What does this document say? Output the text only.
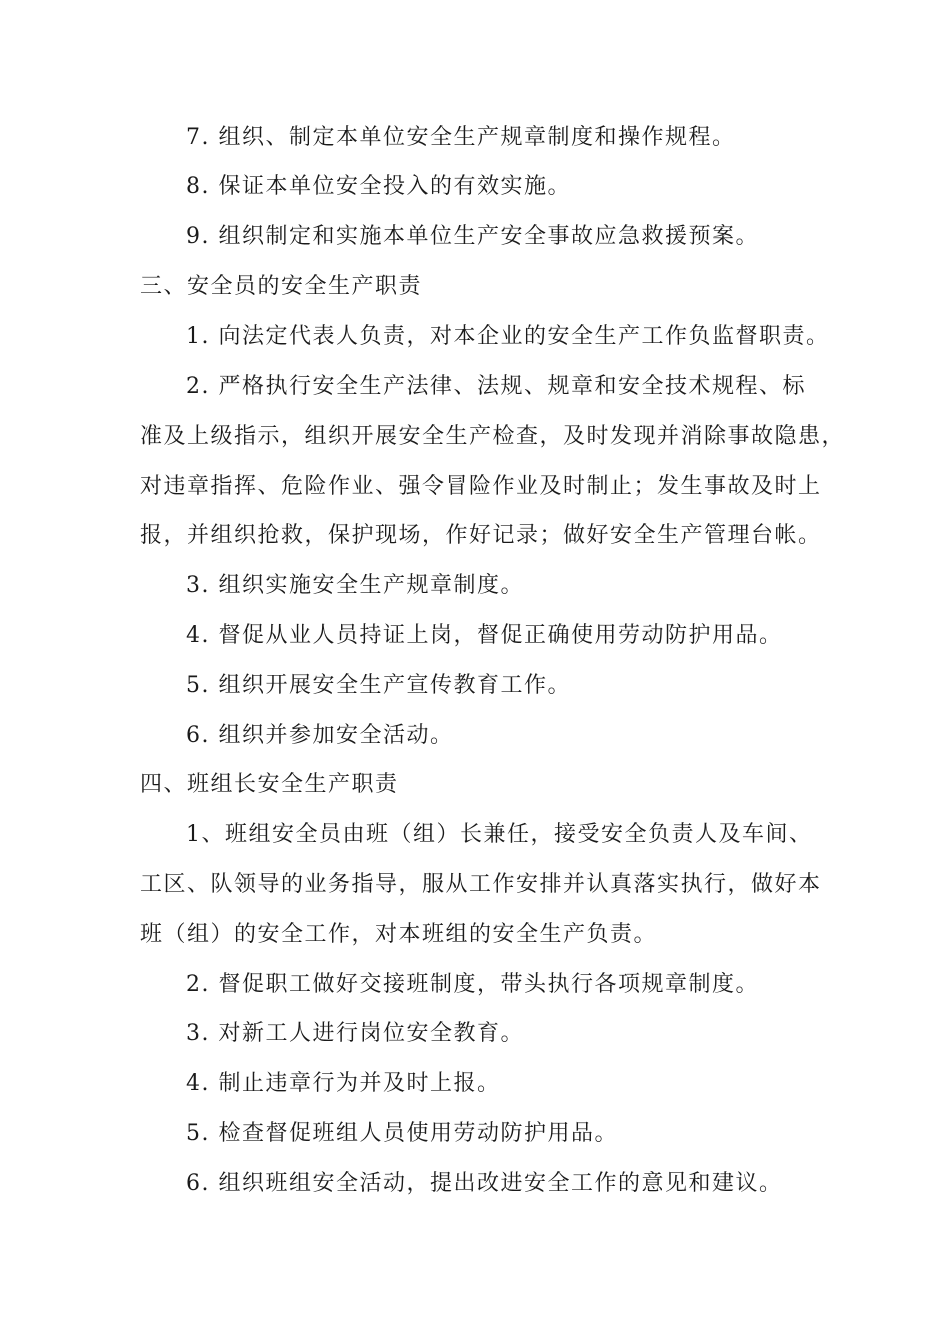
7. 组织、制定本单位安全生产规章制度和操作规程。
8. 保证本单位安全投入的有效实施。
9. 组织制定和实施本单位生产安全事故应急救援预案。
三、安全员的安全生产职责
1. 向法定代表人负责，对本企业的安全生产工作负监督职责。
2. 严格执行安全生产法律、法规、规章和安全技术规程、标
准及上级指示，组织开展安全生产检查，及时发现并消除事故隐患，
对违章指挥、危险作业、强令冒险作业及时制止；发生事故及时上
报，并组织抢救，保护现场，作好记录；做好安全生产管理台帐。
3. 组织实施安全生产规章制度。
4. 督促从业人员持证上岗，督促正确使用劳动防护用品。
5. 组织开展安全生产宣传教育工作。
6. 组织并参加安全活动。
四、班组长安全生产职责
1、班组安全员由班（组）长兼任，接受安全负责人及车间、
工区、队领导的业务指导，服从工作安排并认真落实执行，做好本
班（组）的安全工作，对本班组的安全生产负责。
2. 督促职工做好交接班制度，带头执行各项规章制度。
3. 对新工人进行岗位安全教育。
4. 制止违章行为并及时上报。
5. 检查督促班组人员使用劳动防护用品。
6. 组织班组安全活动，提出改进安全工作的意见和建议。
